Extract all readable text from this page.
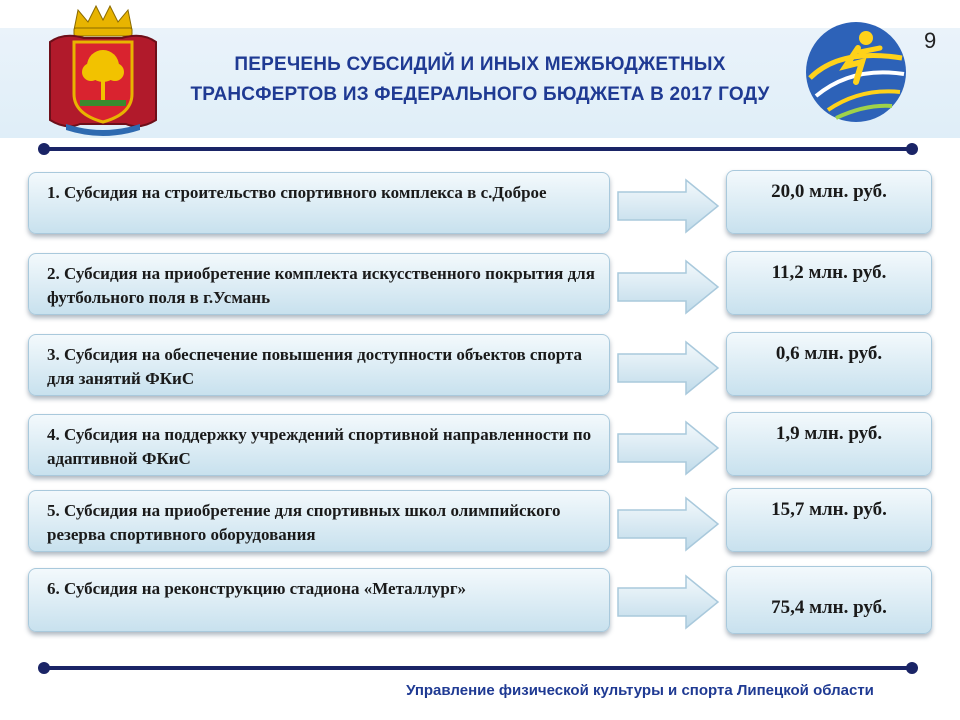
ПЕРЕЧЕНЬ СУБСИДИЙ И ИНЫХ МЕЖБЮДЖЕТНЫХ
ТРАНСФЕРТОВ ИЗ ФЕДЕРАЛЬНОГО БЮДЖЕТА В 2017 ГОДУ
9
1. Субсидия на строительство спортивного комплекса в с.Доброе	20,0 млн. руб.
2. Субсидия на приобретение комплекта искусственного покрытия для футбольного поля в г.Усмань
11,2 млн. руб.
3. Субсидия на обеспечение повышения доступности объектов спорта для занятий ФКиС
0,6 млн. руб.
4. Субсидия на поддержку учреждений спортивной направленности по адаптивной ФКиС
1,9 млн. руб.
5. Субсидия на приобретение для спортивных школ олимпийского резерва спортивного оборудования
15,7 млн. руб.
6. Субсидия на реконструкцию стадиона «Металлург»
75,4 млн. руб.
Управление физической культуры и спорта Липецкой области
